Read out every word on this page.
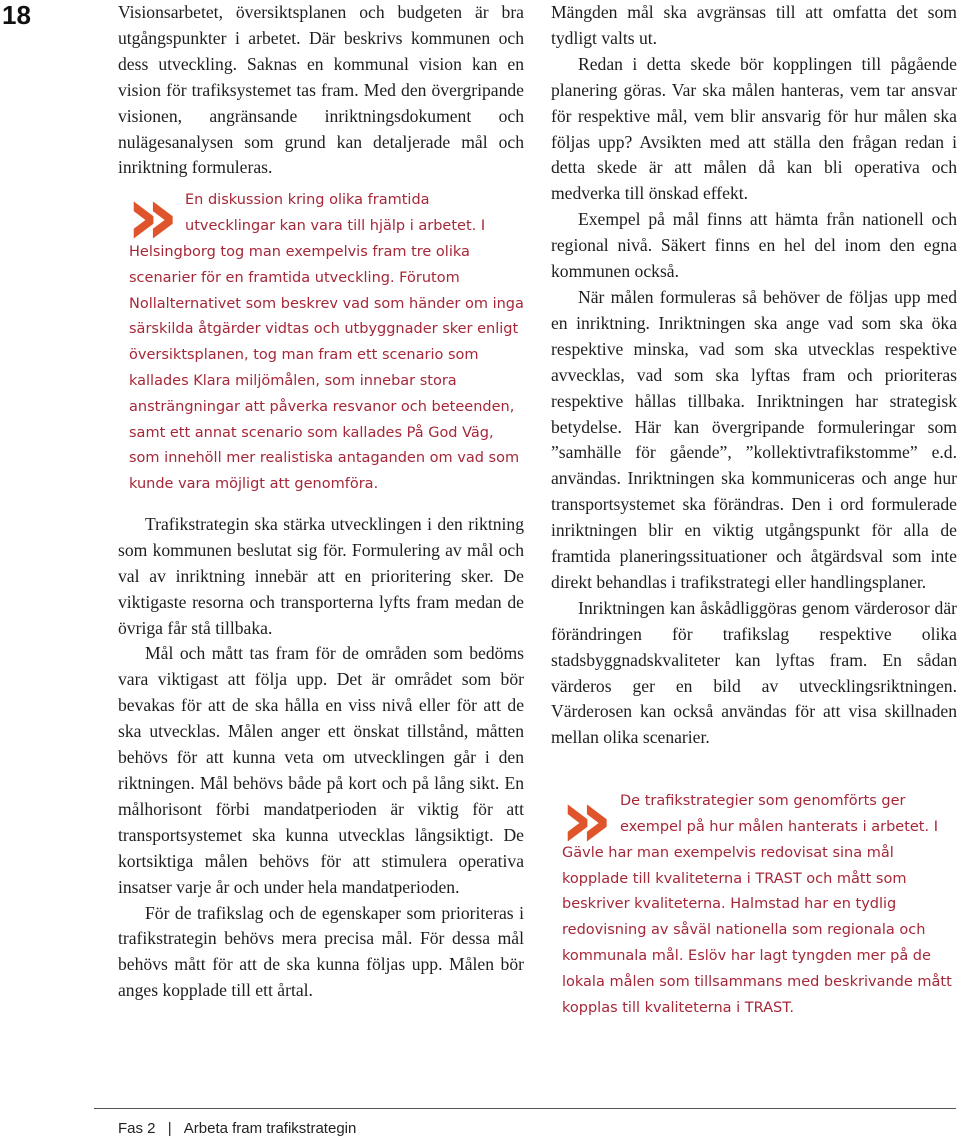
18	Visionsarbetet, översiktsplanen och budgeten är bra utgångspunkter i arbetet. Där beskrivs kommunen och dess utveckling. Saknas en kommunal vision kan en vision för trafiksystemet tas fram. Med den övergripande visionen, angränsande inriktningsdokument och nulägesanalysen som grund kan detaljerade mål och inriktning formuleras.

» En diskussion kring olika framtida utvecklingar kan vara till hjälp i arbetet. I Helsingborg tog man exempelvis fram tre olika scenarier för en framtida utveckling. Förutom Nollalternativet som beskrev vad som händer om inga särskilda åtgärder vidtas och utbyggnader sker enligt översiktsplanen, tog man fram ett scenario som kallades Klara miljömålen, som innebar stora ansträngningar att påverka resvanor och beteenden, samt ett annat scenario som kallades På God Väg, som innehöll mer realistiska antaganden om vad som kunde vara möjligt att genomföra.

Trafikstrategin ska stärka utvecklingen i den riktning som kommunen beslutat sig för. Formulering av mål och val av inriktning innebär att en prioritering sker. De viktigaste resorna och transporterna lyfts fram medan de övriga får stå tillbaka.

Mål och mått tas fram för de områden som bedöms vara viktigast att följa upp. Det är området som bör bevakas för att de ska hålla en viss nivå eller för att de ska utvecklas. Målen anger ett önskat tillstånd, måtten behövs för att kunna veta om utvecklingen går i den riktningen. Mål behövs både på kort och på lång sikt. En målhorisont förbi mandatperioden är viktig för att transportsystemet ska kunna utvecklas långsiktigt. De kortsiktiga målen behövs för att stimulera operativa insatser varje år och under hela mandatperioden.

För de trafikslag och de egenskaper som prioriteras i trafikstrategin behövs mera precisa mål. För dessa mål behövs mått för att de ska kunna följas upp. Målen bör anges kopplade till ett årtal.

Mängden mål ska avgränsas till att omfatta det som tydligt valts ut.

Redan i detta skede bör kopplingen till pågående planering göras. Var ska målen hanteras, vem tar ansvar för respektive mål, vem blir ansvarig för hur målen ska följas upp? Avsikten med att ställa den frågan redan i detta skede är att målen då kan bli operativa och medverka till önskad effekt.

Exempel på mål finns att hämta från nationell och regional nivå. Säkert finns en hel del inom den egna kommunen också.

När målen formuleras så behöver de följas upp med en inriktning. Inriktningen ska ange vad som ska öka respektive minska, vad som ska utvecklas respektive avvecklas, vad som ska lyftas fram och prioriteras respektive hållas tillbaka. Inriktningen har strategisk betydelse. Här kan övergripande formuleringar som ”samhälle för gående”, ”kollektivtrafikstomme” e.d. användas. Inriktningen ska kommuniceras och ange hur transportsystemet ska förändras. Den i ord formulerade inriktningen blir en viktig utgångspunkt för alla de framtida planeringssituationer och åtgärdsval som inte direkt behandlas i trafikstrategi eller handlingsplaner.

Inriktningen kan åskådliggöras genom värderosor där förändringen för trafikslag respektive olika stadsbyggnadskvaliteter kan lyftas fram. En sådan värderos ger en bild av utvecklingsriktningen. Värderosen kan också användas för att visa skillnaden mellan olika scenarier.

» De trafikstrategier som genomförts ger exempel på hur målen hanterats i arbetet. I Gävle har man exempelvis redovisat sina mål kopplade till kvaliteterna i TRAST och mått som beskriver kvaliteterna. Halmstad har en tydlig redovisning av såväl nationella som regionala och kommunala mål. Eslöv har lagt tyngden mer på de lokala målen som tillsammans med beskrivande mått kopplas till kvaliteterna i TRAST.
Fas 2 | Arbeta fram trafikstrategin
